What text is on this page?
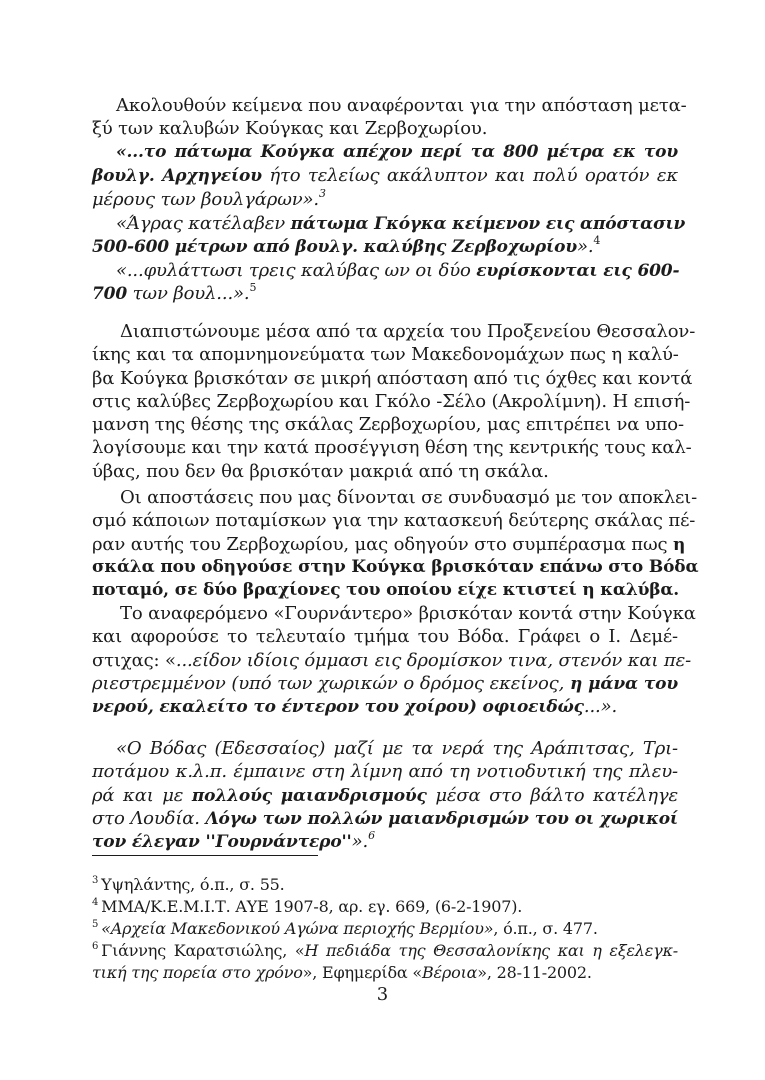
Ακολουθούν κείμενα που αναφέρονται για την απόσταση μετα-
ξύ των καλυβών Κούγκας και Ζερβοχωρίου.
«...το πάτωμα Κούγκα απέχον περί τα 800 μέτρα εκ του
βουλγ. Αρχηγείου ήτο τελείως ακάλυπτον και πολύ ορατόν εκ
μέρους των βουλγάρων».$^3$
«Άγρας κατέλαβεν πάτωμα Γκόγκα κείμενον εις απόστασιν
500-600 μέτρων από βουλγ. καλύβης Ζερβοχωρίου».$^4$
«...φυλάττωσι τρεις καλύβας ων οι δύο ευρίσκονται εις 600-
700 των βουλ...».$^5$
Διαπιστώνουμε μέσα από τα αρχεία του Προξενείου Θεσσαλον-
ίκης και τα απομνημονεύματα των Μακεδονομάχων πως η καλύ-
βα Κούγκα βρισκόταν σε μικρή απόσταση από τις όχθες και κοντά
στις καλύβες Ζερβοχωρίου και Γκόλο -Σέλο (Ακρολίμνη). Η επισή-
μανση της θέσης της σκάλας Ζερβοχωρίου, μας επιτρέπει να υπο-
λογίσουμε και την κατά προσέγγιση θέση της κεντρικής τους καλ-
ύβας, που δεν θα βρισκόταν μακριά από τη σκάλα.
Οι αποστάσεις που μας δίνονται σε συνδυασμό με τον αποκλει-
σμό κάποιων ποταμίσκων για την κατασκευή δεύτερης σκάλας πέ-
ραν αυτής του Ζερβοχωρίου, μας οδηγούν στο συμπέρασμα πως η
σκάλα που οδηγούσε στην Κούγκα βρισκόταν επάνω στο Βόδα
ποταμό, σε δύο βραχίονες του οποίου είχε κτιστεί η καλύβα.
Το αναφερόμενο «Γουρνάντερο» βρισκόταν κοντά στην Κούγκα
και αφορούσε το τελευταίο τμήμα του Βόδα. Γράφει ο Ι. Δεμέ-
στιχας: «...είδον ιδίοις όμμασι εις δρομίσκον τινα, στενόν και πε-
ριεστρεμμένον (υπό των χωρικών ο δρόμος εκείνος, η μάνα του
νερού, εκαλείτο το έντερον του χοίρου) οφιοειδώς...».
«Ο Βόδας (Εδεσσαίος) μαζί με τα νερά της Αράπιτσας, Τρι-
ποτάμου κ.λ.π. έμπαινε στη λίμνη από τη νοτιοδυτική της πλευ-
ρά και με πολλούς μαιανδρισμούς μέσα στο βάλτο κατέληγε
στο Λουδία. Λόγω των πολλών μαιανδρισμών του οι χωρικοί
τον έλεγαν ''Γουρνάντερο''».$^6$
$^3$ Υψηλάντης, ό.π., σ. 55.
$^4$ ΜΜΑ/Κ.Ε.Μ.Ι.Τ. ΑΥΕ 1907-8, αρ. εγ. 669, (6-2-1907).
$^5$ «Αρχεία Μακεδονικού Αγώνα περιοχής Βερμίου», ό.π., σ. 477.
$^6$ Γιάννης Καρατσιώλης, «Η πεδιάδα της Θεσσαλονίκης και η εξελεγκ-
τική της πορεία στο χρόνο», Εφημερίδα «Βέροια», 28-11-2002.
3
